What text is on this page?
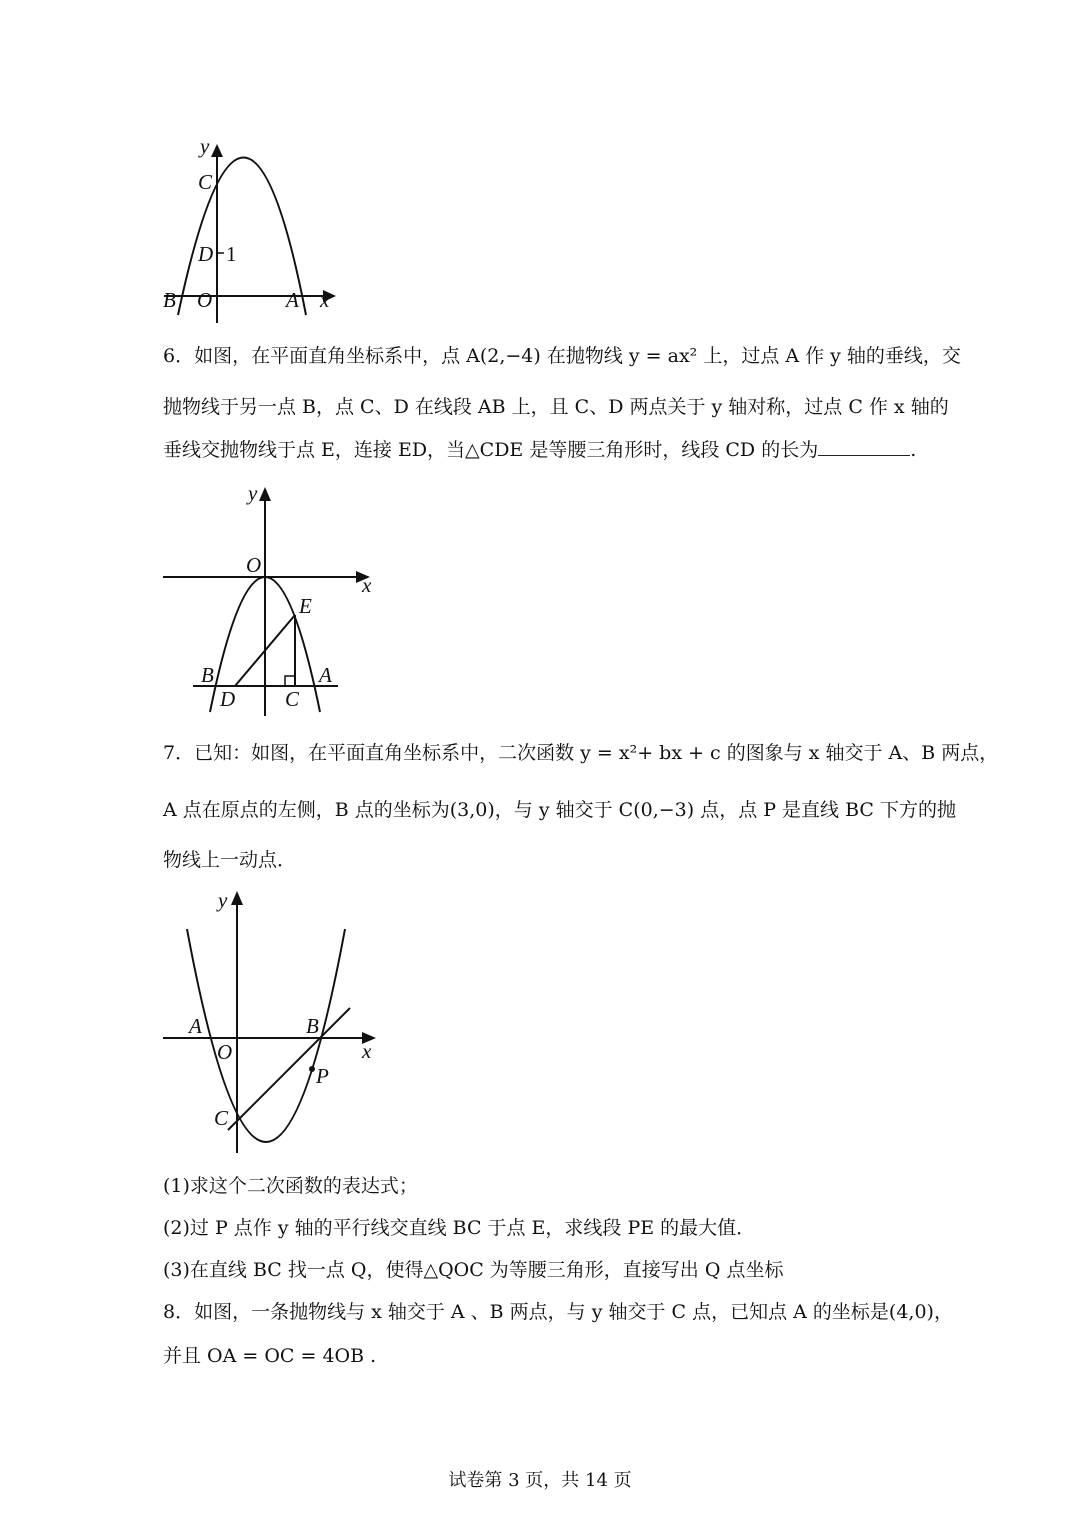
y
x
C
D 1
B O	A
6．如图，在平面直角坐标系中，点 A(2,−4) 在抛物线 y = ax² 上，过点 A 作 y 轴的垂线，交
抛物线于另一点 B，点 C、D 在线段 AB 上，且 C、D 两点关于 y 轴对称，过点 C 作 x 轴的
垂线交抛物线于点 E，连接 ED，当△CDE 是等腰三角形时，线段 CD 的长为	.
y
x
O
E
B	A
D C
7．已知：如图，在平面直角坐标系中，二次函数 y = x²+ bx + c 的图象与 x 轴交于 A、B 两点，
A 点在原点的左侧，B 点的坐标为(3,0)，与 y 轴交于 C(0,−3) 点，点 P 是直线 BC 下方的抛
物线上一动点．
y
x
A
O
B
P
C
(1)求这个二次函数的表达式；
(2)过 P 点作 y 轴的平行线交直线 BC 于点 E，求线段 PE 的最大值．
(3)在直线 BC 找一点 Q，使得△QOC 为等腰三角形，直接写出 Q 点坐标
8．如图，一条抛物线与 x 轴交于 A 、B 两点，与 y 轴交于 C 点，已知点 A 的坐标是(4,0)，
并且 OA = OC = 4OB .
试卷第 3 页，共 14 页
